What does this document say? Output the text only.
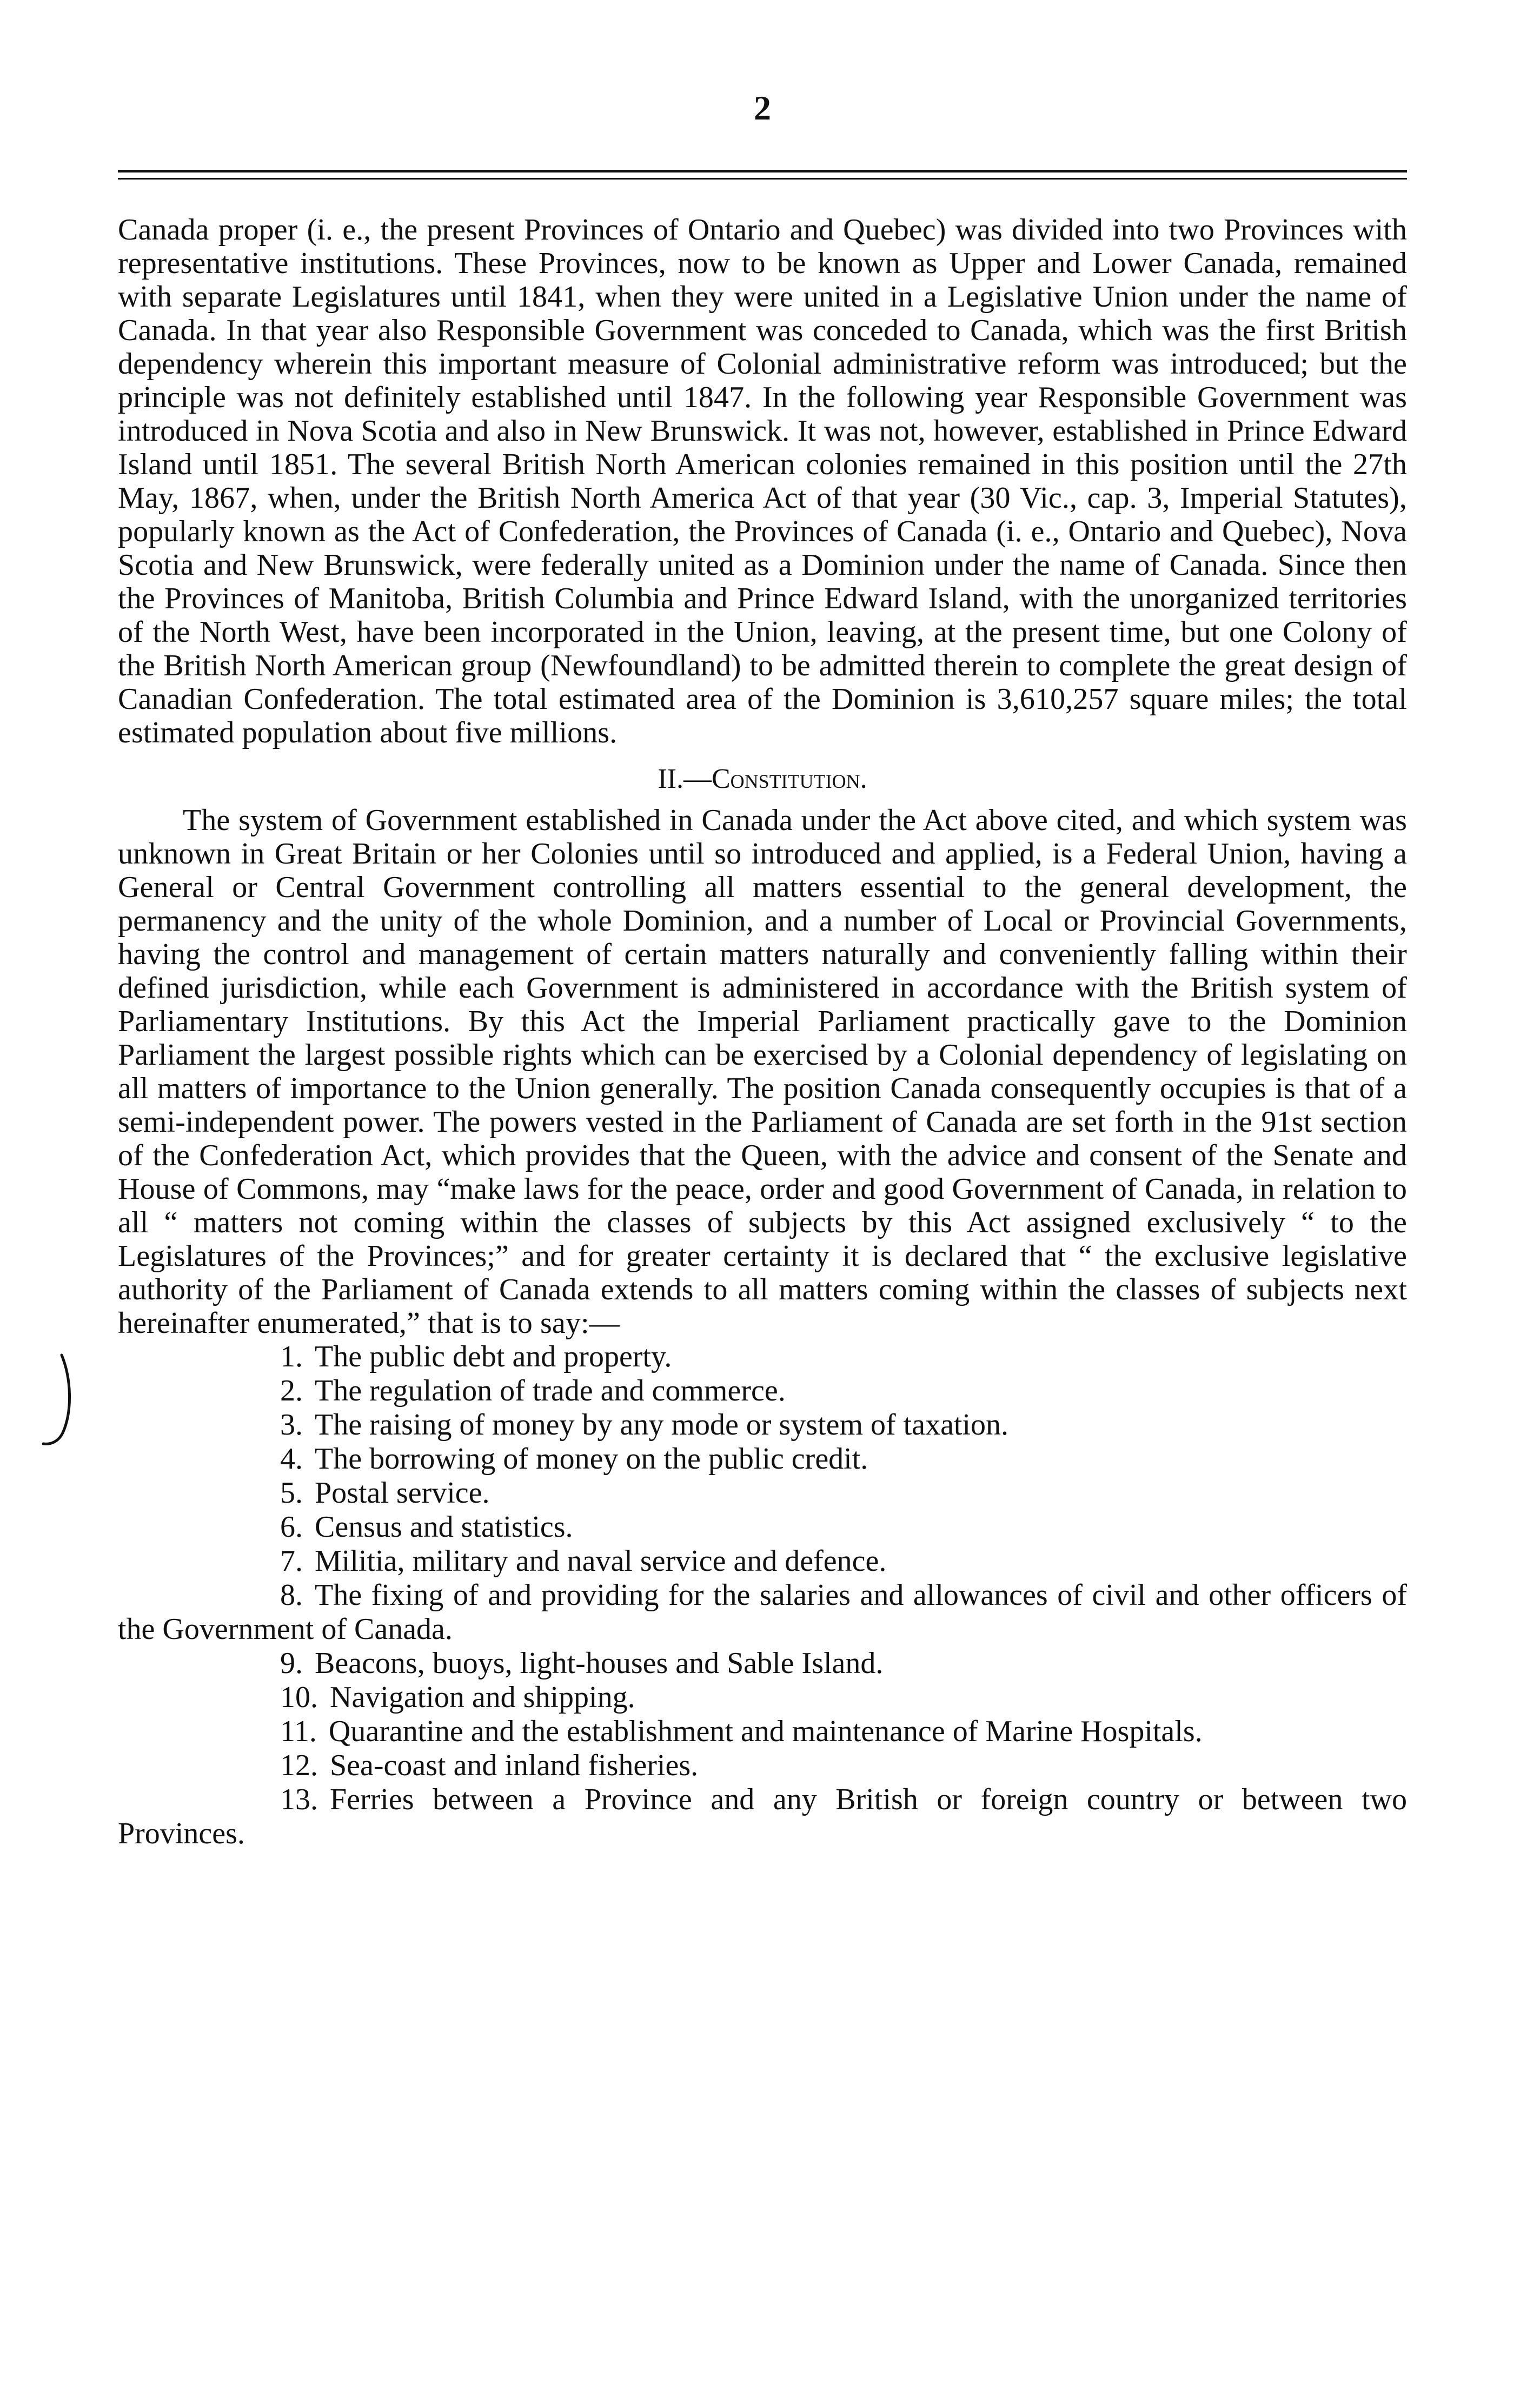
2

Canada proper (i. e., the present Provinces of Ontario and Quebec) was divided into two Provinces with representative institutions. These Provinces, now to be known as Upper and Lower Canada, remained with separate Legislatures until 1841, when they were united in a Legislative Union under the name of Canada. In that year also Responsible Government was conceded to Canada, which was the first British dependency wherein this important measure of Colonial administrative reform was introduced; but the principle was not definitely established until 1847. In the following year Responsible Government was introduced in Nova Scotia and also in New Brunswick. It was not, however, established in Prince Edward Island until 1851. The several British North American colonies remained in this position until the 27th May, 1867, when, under the British North America Act of that year (30 Vic., cap. 3, Imperial Statutes), popularly known as the Act of Confederation, the Provinces of Canada (i. e., Ontario and Quebec), Nova Scotia and New Brunswick, were federally united as a Dominion under the name of Canada. Since then the Provinces of Manitoba, British Columbia and Prince Edward Island, with the unorganized territories of the North West, have been incorporated in the Union, leaving, at the present time, but one Colony of the British North American group (Newfoundland) to be admitted therein to complete the great design of Canadian Confederation. The total estimated area of the Dominion is 3,610,257 square miles; the total estimated population about five millions.

II.—Constitution.

The system of Government established in Canada under the Act above cited, and which system was unknown in Great Britain or her Colonies until so introduced and applied, is a Federal Union, having a General or Central Government controlling all matters essential to the general development, the permanency and the unity of the whole Dominion, and a number of Local or Provincial Governments, having the control and management of certain matters naturally and conveniently falling within their defined jurisdiction, while each Government is administered in accordance with the British system of Parliamentary Institutions. By this Act the Imperial Parliament practically gave to the Dominion Parliament the largest possible rights which can be exercised by a Colonial dependency of legislating on all matters of importance to the Union generally. The position Canada consequently occupies is that of a semi-independent power. The powers vested in the Parliament of Canada are set forth in the 91st section of the Confederation Act, which provides that the Queen, with the advice and consent of the Senate and House of Commons, may “make laws for the peace, order and good Government of Canada, in relation to all “ matters not coming within the classes of subjects by this Act assigned exclusively “ to the Legislatures of the Provinces;” and for greater certainty it is declared that “ the exclusive legislative authority of the Parliament of Canada extends to all matters coming within the classes of subjects next hereinafter enumerated,” that is to say:—

1. The public debt and property.
2. The regulation of trade and commerce.
3. The raising of money by any mode or system of taxation.
4. The borrowing of money on the public credit.
5. Postal service.
6. Census and statistics.
7. Militia, military and naval service and defence.
8. The fixing of and providing for the salaries and allowances of civil and other officers of the Government of Canada.
9. Beacons, buoys, light-houses and Sable Island.
10. Navigation and shipping.
11. Quarantine and the establishment and maintenance of Marine Hospitals.
12. Sea-coast and inland fisheries.
13. Ferries between a Province and any British or foreign country or between two Provinces.
